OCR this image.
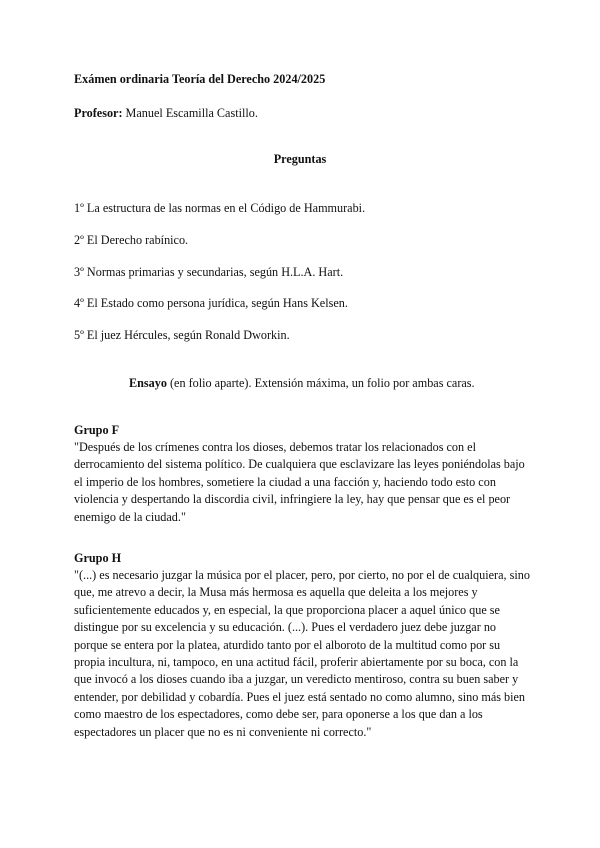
Exámen ordinaria Teoría del Derecho 2024/2025
Profesor: Manuel Escamilla Castillo.
Preguntas
1º La estructura de las normas en el Código de Hammurabi.
2º El Derecho rabínico.
3º Normas primarias y secundarias, según H.L.A. Hart.
4º El Estado como persona jurídica, según Hans Kelsen.
5º El juez Hércules, según Ronald Dworkin.
Ensayo (en folio aparte). Extensión máxima, un folio por ambas caras.
Grupo F
"Después de los crímenes contra los dioses, debemos tratar los relacionados con el
derrocamiento del sistema político. De cualquiera que esclavizare las leyes poniéndolas bajo
el imperio de los hombres, sometiere la ciudad a una facción y, haciendo todo esto con
violencia y despertando la discordia civil, infringiere la ley, hay que pensar que es el peor
enemigo de la ciudad."
Grupo H
"(...) es necesario juzgar la música por el placer, pero, por cierto, no por el de cualquiera, sino
que, me atrevo a decir, la Musa más hermosa es aquella que deleita a los mejores y
suficientemente educados y, en especial, la que proporciona placer a aquel único que se
distingue por su excelencia y su educación. (...). Pues el verdadero juez debe juzgar no
porque se entera por la platea, aturdido tanto por el alboroto de la multitud como por su
propia incultura, ni, tampoco, en una actitud fácil, proferir abiertamente por su boca, con la
que invocó a los dioses cuando iba a juzgar, un veredicto mentiroso, contra su buen saber y
entender, por debilidad y cobardía. Pues el juez está sentado no como alumno, sino más bien
como maestro de los espectadores, como debe ser, para oponerse a los que dan a los
espectadores un placer que no es ni conveniente ni correcto."
